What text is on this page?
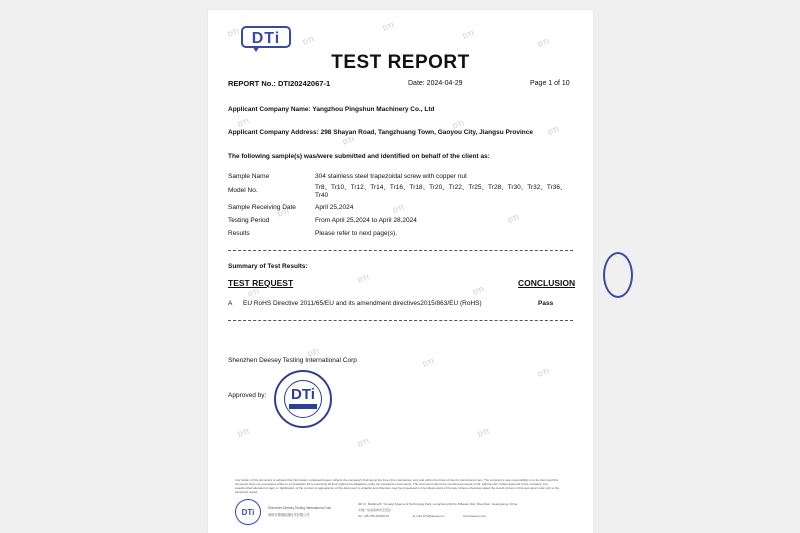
DTI
DTI
DTI
DTI
DTI
DTI
DTI
DTI
DTI
DTI	DTI
DTI
DTI
DTI
DTI
DTI
DTI
DTI
DTI
DTI
DTI
DTi
TEST REPORT
REPORT No.: DTI20242067-1	Date: 2024-04-29	Page 1 of 10
Applicant Company Name: Yangzhou Pingshun Machinery Co., Ltd
Applicant Company Address: 298 Shayan Road, Tangzhuang Town, Gaoyou City, Jiangsu Province
The following sample(s) was/were submitted and identified on behalf of the client as:
Sample Name	304 stainless steel trapezoidal screw with copper nut
Model No.	Tr8、Tr10、Tr12、Tr14、Tr16、Tr18、Tr20、Tr22、Tr25、Tr28、Tr30、Tr32、Tr36、Tr40
Sample Receiving Date	April 25,2024
Testing Period	From April 25,2024 to April 28,2024
Results	Please refer to next page(s).
Summary of Test Results:
TEST REQUEST	CONCLUSION
A EU RoHS Directive 2011/65/EU and its amendment directives2015/863/EU (RoHS)	Pass
Shenzhen Deesey Testing International Corp
Approved by:	DTi
Any holder of this document is advised that information contained hereon reflects the company's findings at the time of its intervention only and within the limits of client's instructions,if any. The company's sole responsibility is to its client and this document does not exonerate parties to a transaction from exercising all their rights and obligations under the transaction documents. This document cannot be reproduced except in full, without prior written approval of the company. Any unauthorized alteration,forgery or falsification of the content or appearance of this document is unlawful and offenders may be prosecuted to the fullest extent of the law. Unless otherwise stated the results shown in this test report refer only to the sample(s) tested.
DTi	Shenzhen Deesey Testing International Corp
深圳市德瑞检测技术有限公司
4th Fl., Building B, Yinyang Science & Technology Park, Longcheng Rd No.8,Baoan Dist.,Shenzhen, Guangdong, China
中国广东省深圳市宝安区
Tel: +86-755-22208716	E-mail: DTI@deesey.cn	www.deesey.com
